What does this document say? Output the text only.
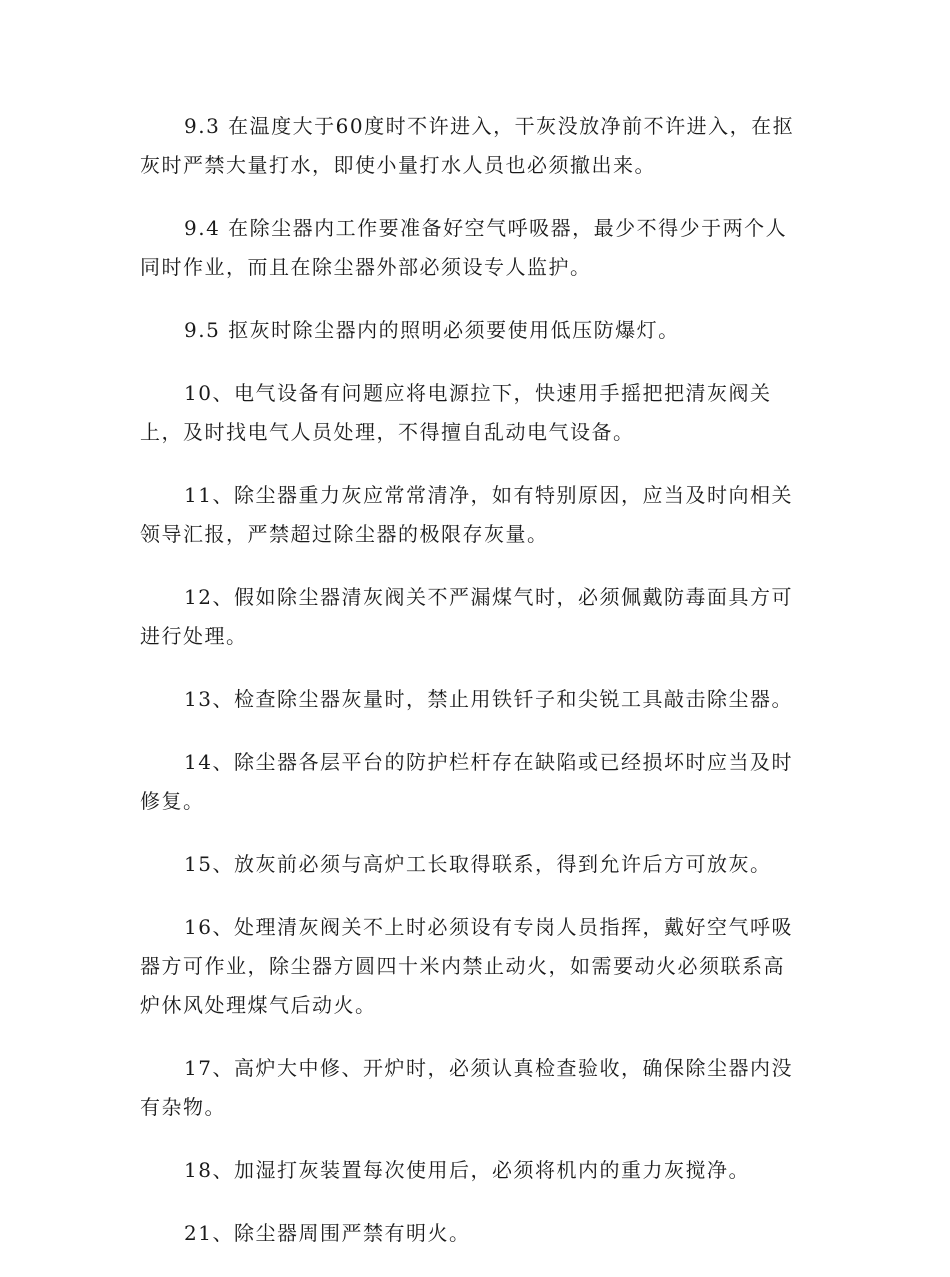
9.3 在温度大于60度时不许进入，干灰没放净前不许进入，在抠灰时严禁大量打水，即使小量打水人员也必须撤出来。

9.4 在除尘器内工作要准备好空气呼吸器，最少不得少于两个人同时作业，而且在除尘器外部必须设专人监护。

9.5 抠灰时除尘器内的照明必须要使用低压防爆灯。

10、电气设备有问题应将电源拉下，快速用手摇把把清灰阀关上，及时找电气人员处理，不得擅自乱动电气设备。

11、除尘器重力灰应常常清净，如有特别原因，应当及时向相关领导汇报，严禁超过除尘器的极限存灰量。

12、假如除尘器清灰阀关不严漏煤气时，必须佩戴防毒面具方可进行处理。

13、检查除尘器灰量时，禁止用铁钎子和尖锐工具敲击除尘器。

14、除尘器各层平台的防护栏杆存在缺陷或已经损坏时应当及时修复。

15、放灰前必须与高炉工长取得联系，得到允许后方可放灰。

16、处理清灰阀关不上时必须设有专岗人员指挥，戴好空气呼吸器方可作业，除尘器方圆四十米内禁止动火，如需要动火必须联系高炉休风处理煤气后动火。

17、高炉大中修、开炉时，必须认真检查验收，确保除尘器内没有杂物。

18、加湿打灰装置每次使用后，必须将机内的重力灰搅净。

21、除尘器周围严禁有明火。
